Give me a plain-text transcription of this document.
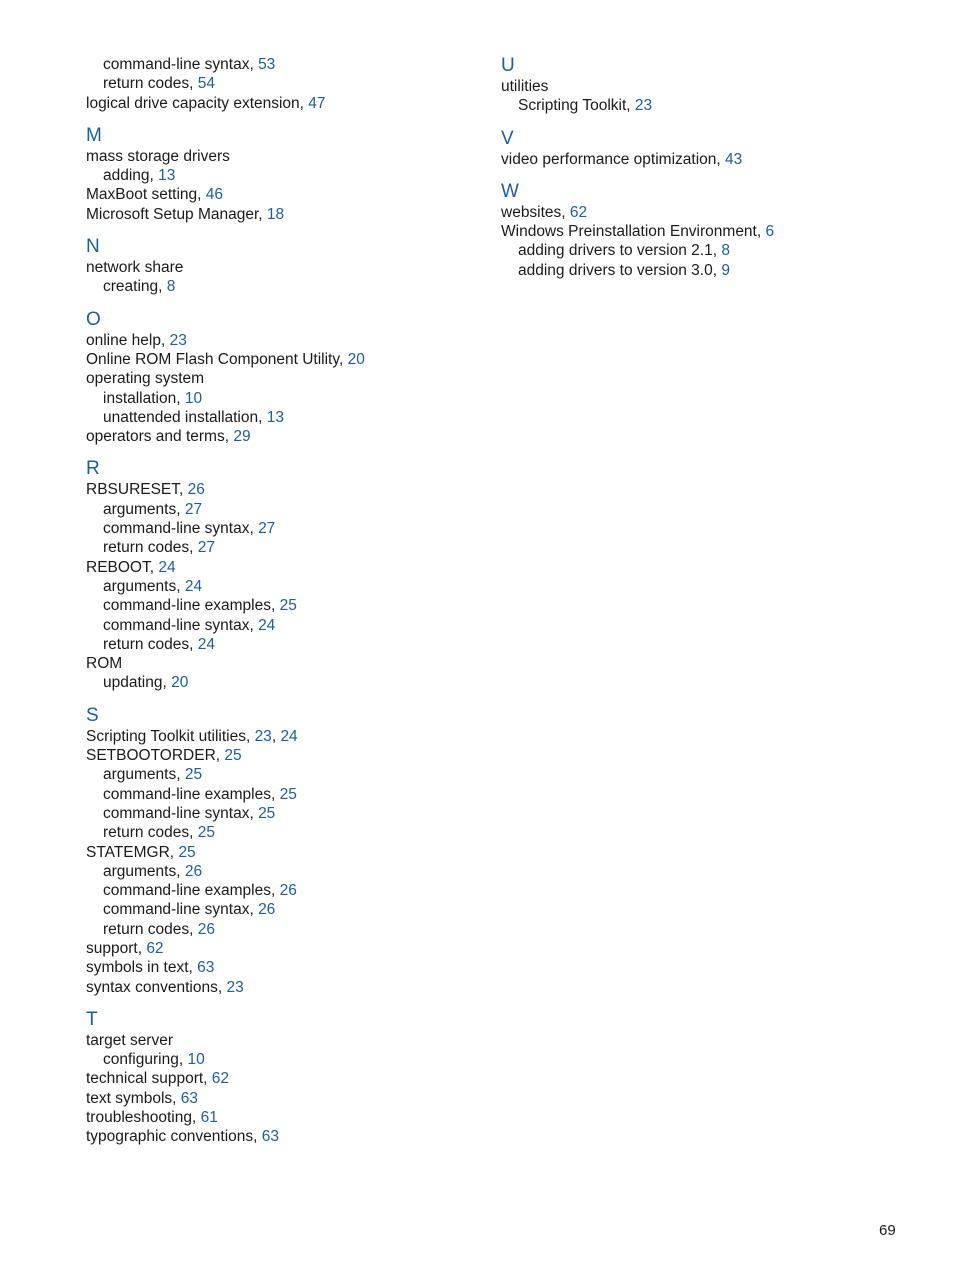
command-line syntax, 53
return codes, 54
logical drive capacity extension, 47
M
mass storage drivers
adding, 13
MaxBoot setting, 46
Microsoft Setup Manager, 18
N
network share
creating, 8
O
online help, 23
Online ROM Flash Component Utility, 20
operating system
installation, 10
unattended installation, 13
operators and terms, 29
R
RBSURESET, 26
arguments, 27
command-line syntax, 27
return codes, 27
REBOOT, 24
arguments, 24
command-line examples, 25
command-line syntax, 24
return codes, 24
ROM
updating, 20
S
Scripting Toolkit utilities, 23, 24
SETBOOTORDER, 25
arguments, 25
command-line examples, 25
command-line syntax, 25
return codes, 25
STATEMGR, 25
arguments, 26
command-line examples, 26
command-line syntax, 26
return codes, 26
support, 62
symbols in text, 63
syntax conventions, 23
T
target server
configuring, 10
technical support, 62
text symbols, 63
troubleshooting, 61
typographic conventions, 63
U
utilities
Scripting Toolkit, 23
V
video performance optimization, 43
W
websites, 62
Windows Preinstallation Environment, 6
adding drivers to version 2.1, 8
adding drivers to version 3.0, 9
69
